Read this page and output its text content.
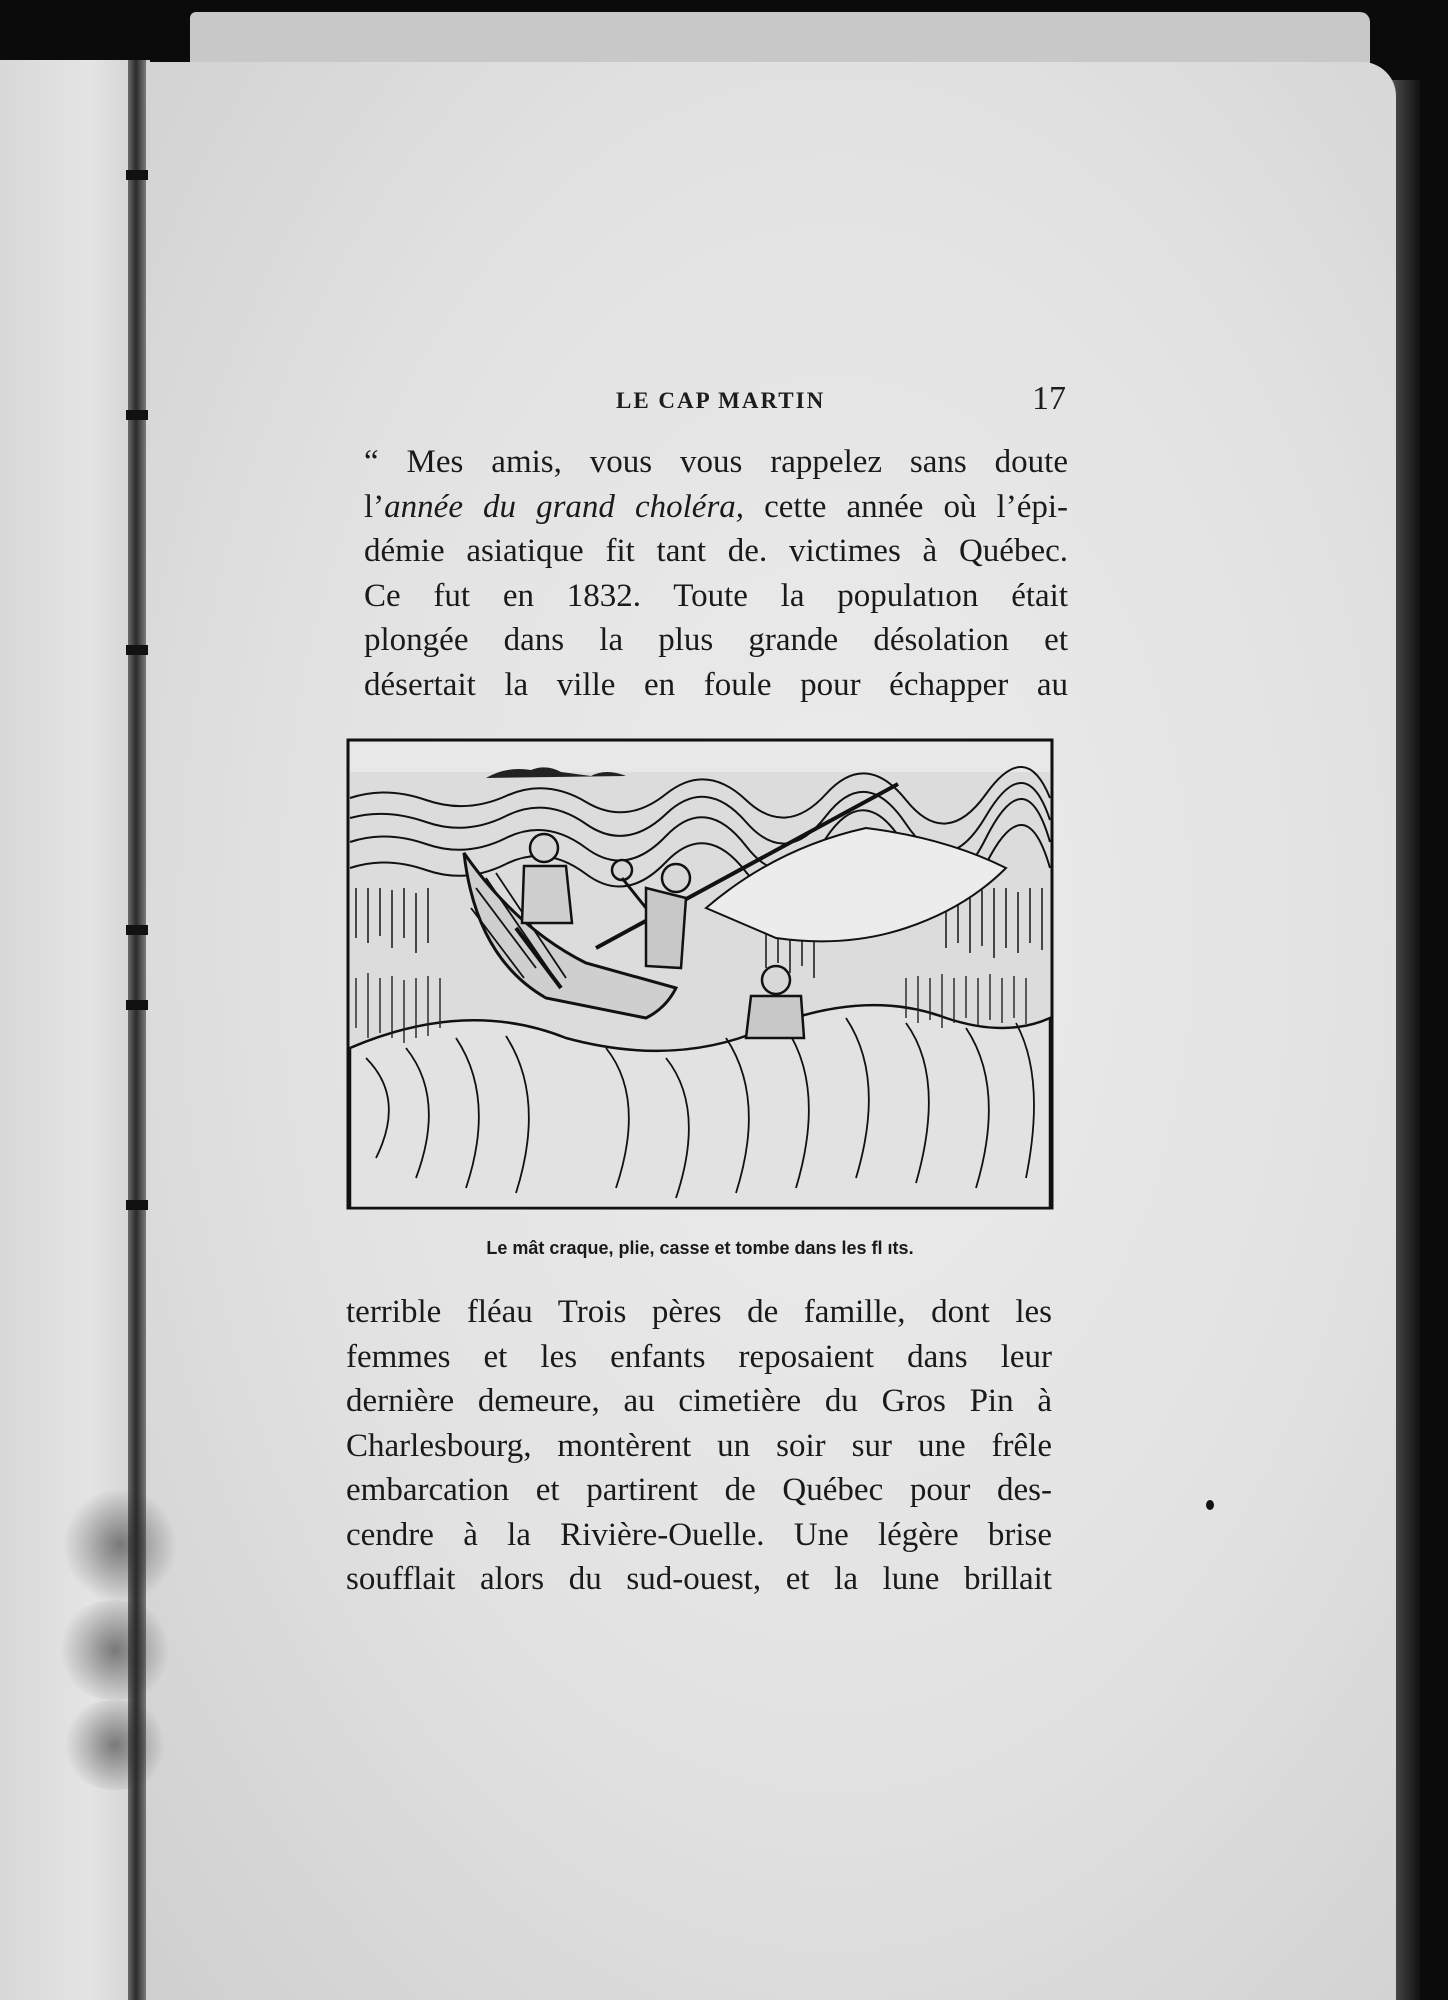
LE CAP MARTIN	17
“ Mes amis, vous vous rappelez sans doute
l’année du grand choléra, cette année où l’épi-
démie asiatique fit tant de. victimes à Québec.
Ce fut en 1832. Toute la populatıon était
plongée dans la plus grande désolation et
désertait la ville en foule pour échapper au
Le mât craque, plie, casse et tombe dans les fl ıts.
terrible fléau Trois pères de famille, dont les
femmes et les enfants reposaient dans leur
dernière demeure, au cimetière du Gros Pin à
Charlesbourg, montèrent un soir sur une frêle
embarcation et partirent de Québec pour des-
cendre à la Rivière-Ouelle. Une légère brise
soufflait alors du sud-ouest, et la lune brillait
